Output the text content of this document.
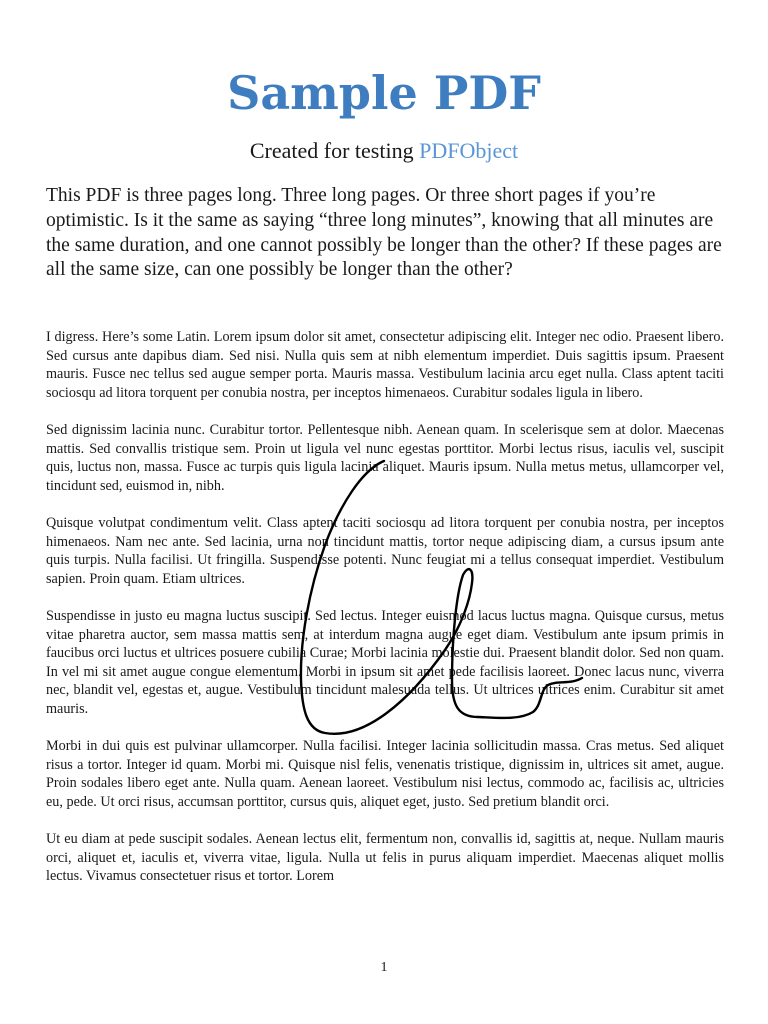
Sample PDF

Created for testing PDFObject

This PDF is three pages long. Three long pages. Or three short pages if you’re optimistic. Is it the same as saying “three long minutes”, knowing that all minutes are the same duration, and one cannot possibly be longer than the other? If these pages are all the same size, can one possibly be longer than the other?

I digress. Here’s some Latin. Lorem ipsum dolor sit amet, consectetur adipiscing elit. Integer nec odio. Praesent libero. Sed cursus ante dapibus diam. Sed nisi. Nulla quis sem at nibh elementum imperdiet. Duis sagittis ipsum. Praesent mauris. Fusce nec tellus sed augue semper porta. Mauris massa. Vestibulum lacinia arcu eget nulla. Class aptent taciti sociosqu ad litora torquent per conubia nostra, per inceptos himenaeos. Curabitur sodales ligula in libero.

Sed dignissim lacinia nunc. Curabitur tortor. Pellentesque nibh. Aenean quam. In scelerisque sem at dolor. Maecenas mattis. Sed convallis tristique sem. Proin ut ligula vel nunc egestas porttitor. Morbi lectus risus, iaculis vel, suscipit quis, luctus non, massa. Fusce ac turpis quis ligula lacinia aliquet. Mauris ipsum. Nulla metus metus, ullamcorper vel, tincidunt sed, euismod in, nibh.

Quisque volutpat condimentum velit. Class aptent taciti sociosqu ad litora torquent per conubia nostra, per inceptos himenaeos. Nam nec ante. Sed lacinia, urna non tincidunt mattis, tortor neque adipiscing diam, a cursus ipsum ante quis turpis. Nulla facilisi. Ut fringilla. Suspendisse potenti. Nunc feugiat mi a tellus consequat imperdiet. Vestibulum sapien. Proin quam. Etiam ultrices.

Suspendisse in justo eu magna luctus suscipit. Sed lectus. Integer euismod lacus luctus magna. Quisque cursus, metus vitae pharetra auctor, sem massa mattis sem, at interdum magna augue eget diam. Vestibulum ante ipsum primis in faucibus orci luctus et ultrices posuere cubilia Curae; Morbi lacinia molestie dui. Praesent blandit dolor. Sed non quam. In vel mi sit amet augue congue elementum. Morbi in ipsum sit amet pede facilisis laoreet. Donec lacus nunc, viverra nec, blandit vel, egestas et, augue. Vestibulum tincidunt malesuada tellus. Ut ultrices ultrices enim. Curabitur sit amet mauris.

Morbi in dui quis est pulvinar ullamcorper. Nulla facilisi. Integer lacinia sollicitudin massa. Cras metus. Sed aliquet risus a tortor. Integer id quam. Morbi mi. Quisque nisl felis, venenatis tristique, dignissim in, ultrices sit amet, augue. Proin sodales libero eget ante. Nulla quam. Aenean laoreet. Vestibulum nisi lectus, commodo ac, facilisis ac, ultricies eu, pede. Ut orci risus, accumsan porttitor, cursus quis, aliquet eget, justo. Sed pretium blandit orci.

Ut eu diam at pede suscipit sodales. Aenean lectus elit, fermentum non, convallis id, sagittis at, neque. Nullam mauris orci, aliquet et, iaculis et, viverra vitae, ligula. Nulla ut felis in purus aliquam imperdiet. Maecenas aliquet mollis lectus. Vivamus consectetuer risus et tortor. Lorem

1
